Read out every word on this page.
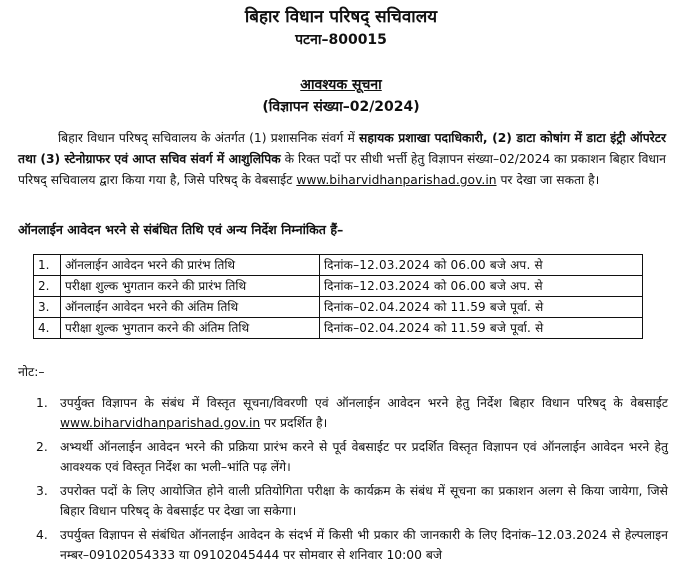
बिहार विधान परिषद् सचिवालय
पटना–800015
आवश्यक सूचना
(विज्ञापन संख्या–02/2024)
बिहार विधान परिषद् सचिवालय के अंतर्गत (1) प्रशासनिक संवर्ग में सहायक प्रशाखा पदाधिकारी, (2) डाटा कोषांग में डाटा इंट्री ऑपरेटर तथा (3) स्टेनोग्राफर एवं आप्त सचिव संवर्ग में आशुलिपिक के रिक्त पदों पर सीधी भर्त्ती हेतु विज्ञापन संख्या–02/2024 का प्रकाशन बिहार विधान परिषद् सचिवालय द्वारा किया गया है, जिसे परिषद् के वेबसाईट www.biharvidhanparishad.gov.in पर देखा जा सकता है।
ऑनलाईन आवेदन भरने से संबंधित तिथि एवं अन्य निर्देश निम्नांकित हैं–
1.	ऑनलाईन आवेदन भरने की प्रारंभ तिथि	दिनांक–12.03.2024 को 06.00 बजे अप. से
2.	परीक्षा शुल्क भुगतान करने की प्रारंभ तिथि	दिनांक–12.03.2024 को 06.00 बजे अप. से
3.	ऑनलाईन आवेदन भरने की अंतिम तिथि	दिनांक–02.04.2024 को 11.59 बजे पूर्वा. से
4.	परीक्षा शुल्क भुगतान करने की अंतिम तिथि	दिनांक–02.04.2024 को 11.59 बजे पूर्वा. से
नोट:–
1. उपर्युक्त विज्ञापन के संबंध में विस्तृत सूचना/विवरणी एवं ऑनलाईन आवेदन भरने हेतु निर्देश बिहार विधान परिषद् के वेबसाईट www.biharvidhanparishad.gov.in पर प्रदर्शित है।
2. अभ्यर्थी ऑनलाईन आवेदन भरने की प्रक्रिया प्रारंभ करने से पूर्व वेबसाईट पर प्रदर्शित विस्तृत विज्ञापन एवं ऑनलाईन आवेदन भरने हेतु आवश्यक एवं विस्तृत निर्देश का भली–भांति पढ़ लेंगे।
3. उपरोक्त पदों के लिए आयोजित होने वाली प्रतियोगिता परीक्षा के कार्यक्रम के संबंध में सूचना का प्रकाशन अलग से किया जायेगा, जिसे बिहार विधान परिषद् के वेबसाईट पर देखा जा सकेगा।
4. उपर्युक्त विज्ञापन से संबंधित ऑनलाईन आवेदन के संदर्भ में किसी भी प्रकार की जानकारी के लिए दिनांक–12.03.2024 से हेल्पलाइन नम्बर–09102054333 या 09102045444 पर सोमवार से शनिवार 10:00 बजे
